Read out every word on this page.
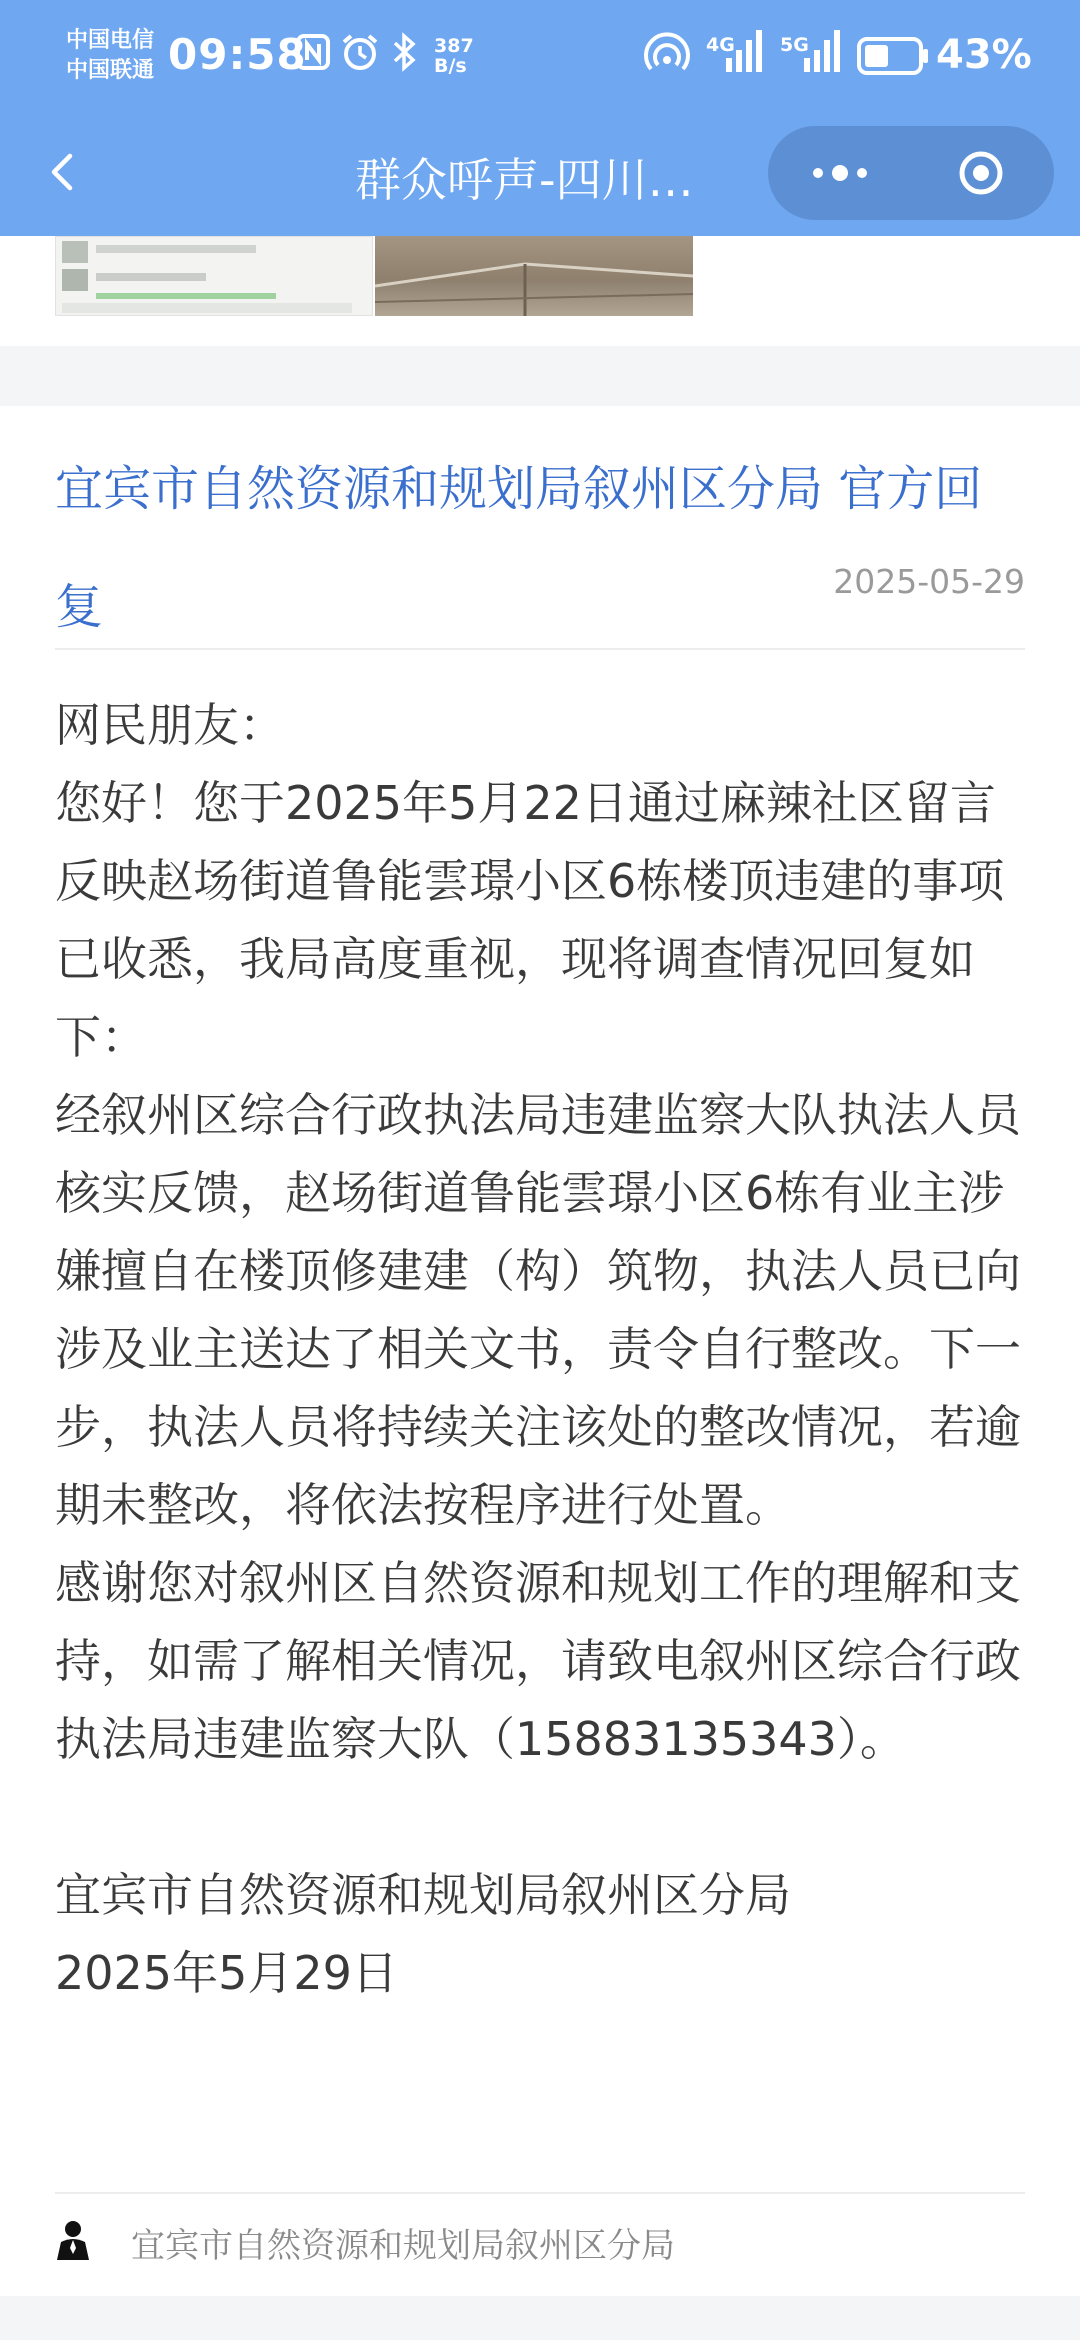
中国电信
中国联通 09:58	387
B/s
4G 5G	43%
群众呼声-四川…
宜宾市自然资源和规划局叙州区分局 官方回复	2025-05-29

网民朋友：

您好！您于2025年5月22日通过麻辣社区留言反映赵场街道鲁能雲璟小区6栋楼顶违建的事项已收悉，我局高度重视，现将调查情况回复如下：

经叙州区综合行政执法局违建监察大队执法人员核实反馈，赵场街道鲁能雲璟小区6栋有业主涉嫌擅自在楼顶修建建（构）筑物，执法人员已向涉及业主送达了相关文书，责令自行整改。下一步，执法人员将持续关注该处的整改情况，若逾期未整改，将依法按程序进行处置。

感谢您对叙州区自然资源和规划工作的理解和支持，如需了解相关情况，请致电叙州区综合行政执法局违建监察大队（15883135343）。

宜宾市自然资源和规划局叙州区分局

2025年5月29日

宜宾市自然资源和规划局叙州区分局
